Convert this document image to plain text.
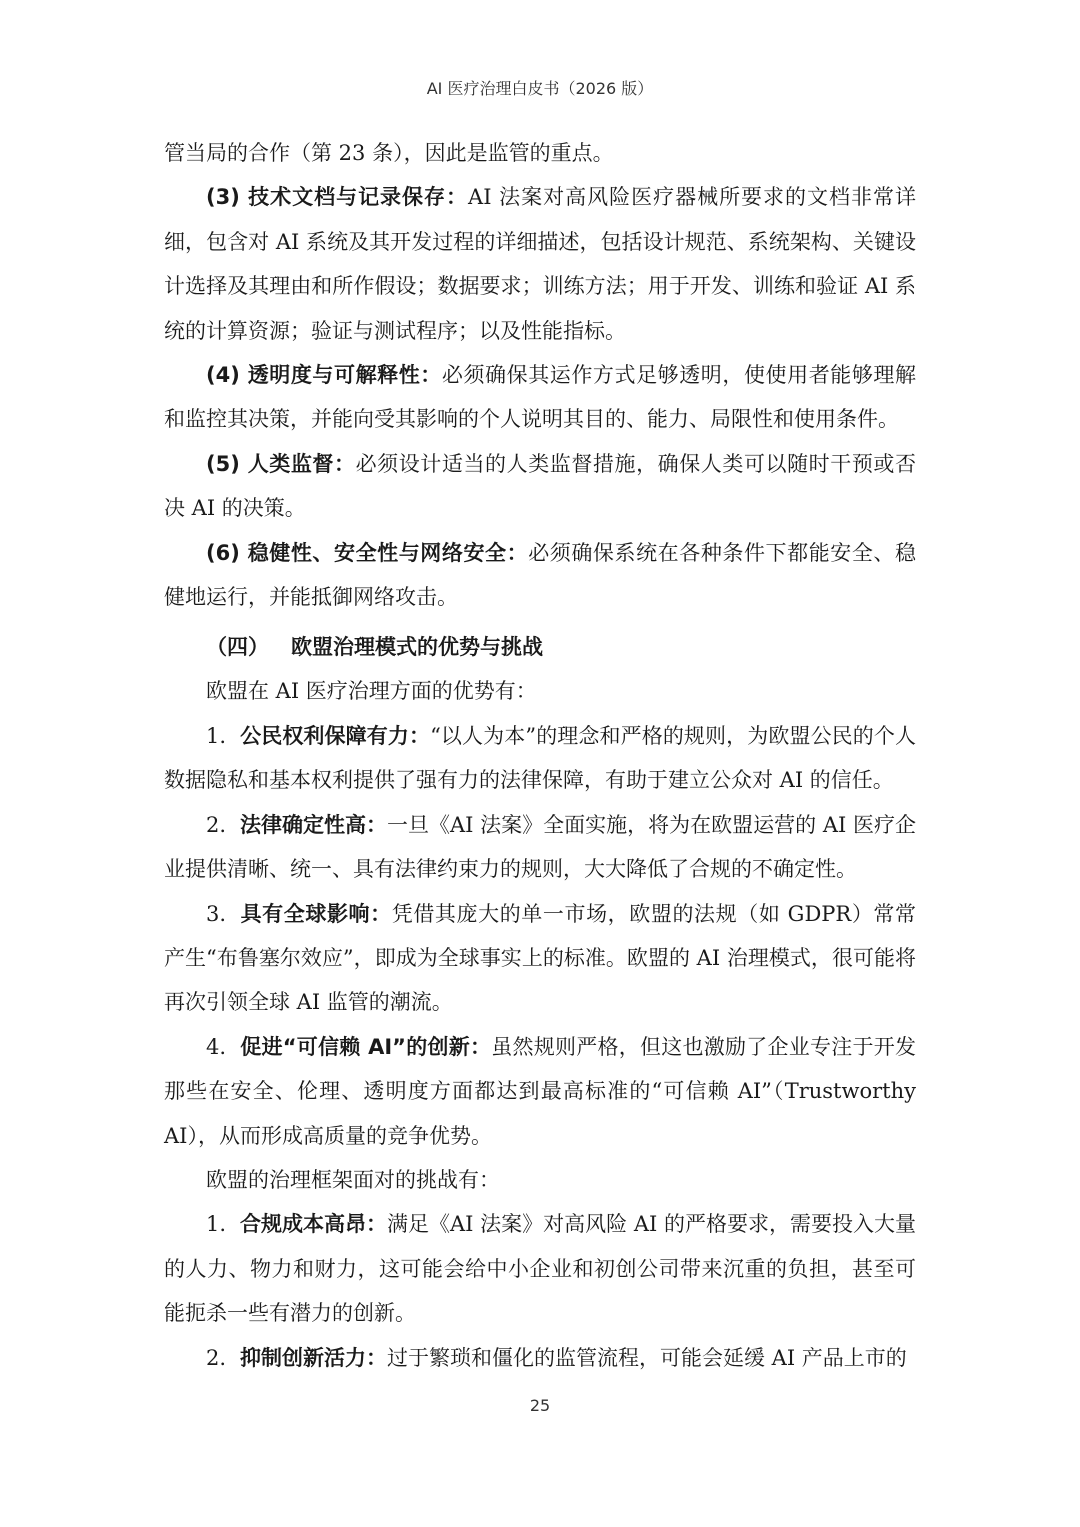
AI 医疗治理白皮书（2026 版）

管当局的合作（第 23 条），因此是监管的重点。

(3) 技术文档与记录保存：AI 法案对高风险医疗器械所要求的文档非常详细，包含对 AI 系统及其开发过程的详细描述，包括设计规范、系统架构、关键设计选择及其理由和所作假设；数据要求；训练方法；用于开发、训练和验证 AI 系统的计算资源；验证与测试程序；以及性能指标。

(4) 透明度与可解释性：必须确保其运作方式足够透明，使使用者能够理解和监控其决策，并能向受其影响的个人说明其目的、能力、局限性和使用条件。

(5) 人类监督：必须设计适当的人类监督措施，确保人类可以随时干预或否决 AI 的决策。

(6) 稳健性、安全性与网络安全：必须确保系统在各种条件下都能安全、稳健地运行，并能抵御网络攻击。

（四） 欧盟治理模式的优势与挑战

欧盟在 AI 医疗治理方面的优势有：

1. 公民权利保障有力：“以人为本”的理念和严格的规则，为欧盟公民的个人数据隐私和基本权利提供了强有力的法律保障，有助于建立公众对 AI 的信任。

2. 法律确定性高：一旦《AI 法案》全面实施，将为在欧盟运营的 AI 医疗企业提供清晰、统一、具有法律约束力的规则，大大降低了合规的不确定性。

3. 具有全球影响：凭借其庞大的单一市场，欧盟的法规（如 GDPR）常常产生“布鲁塞尔效应”，即成为全球事实上的标准。欧盟的 AI 治理模式，很可能将再次引领全球 AI 监管的潮流。

4. 促进“可信赖 AI”的创新：虽然规则严格，但这也激励了企业专注于开发那些在安全、伦理、透明度方面都达到最高标准的“可信赖 AI”（Trustworthy AI），从而形成高质量的竞争优势。

欧盟的治理框架面对的挑战有：

1. 合规成本高昂：满足《AI 法案》对高风险 AI 的严格要求，需要投入大量的人力、物力和财力，这可能会给中小企业和初创公司带来沉重的负担，甚至可能扼杀一些有潜力的创新。

2. 抑制创新活力：过于繁琐和僵化的监管流程，可能会延缓 AI 产品上市的

25
